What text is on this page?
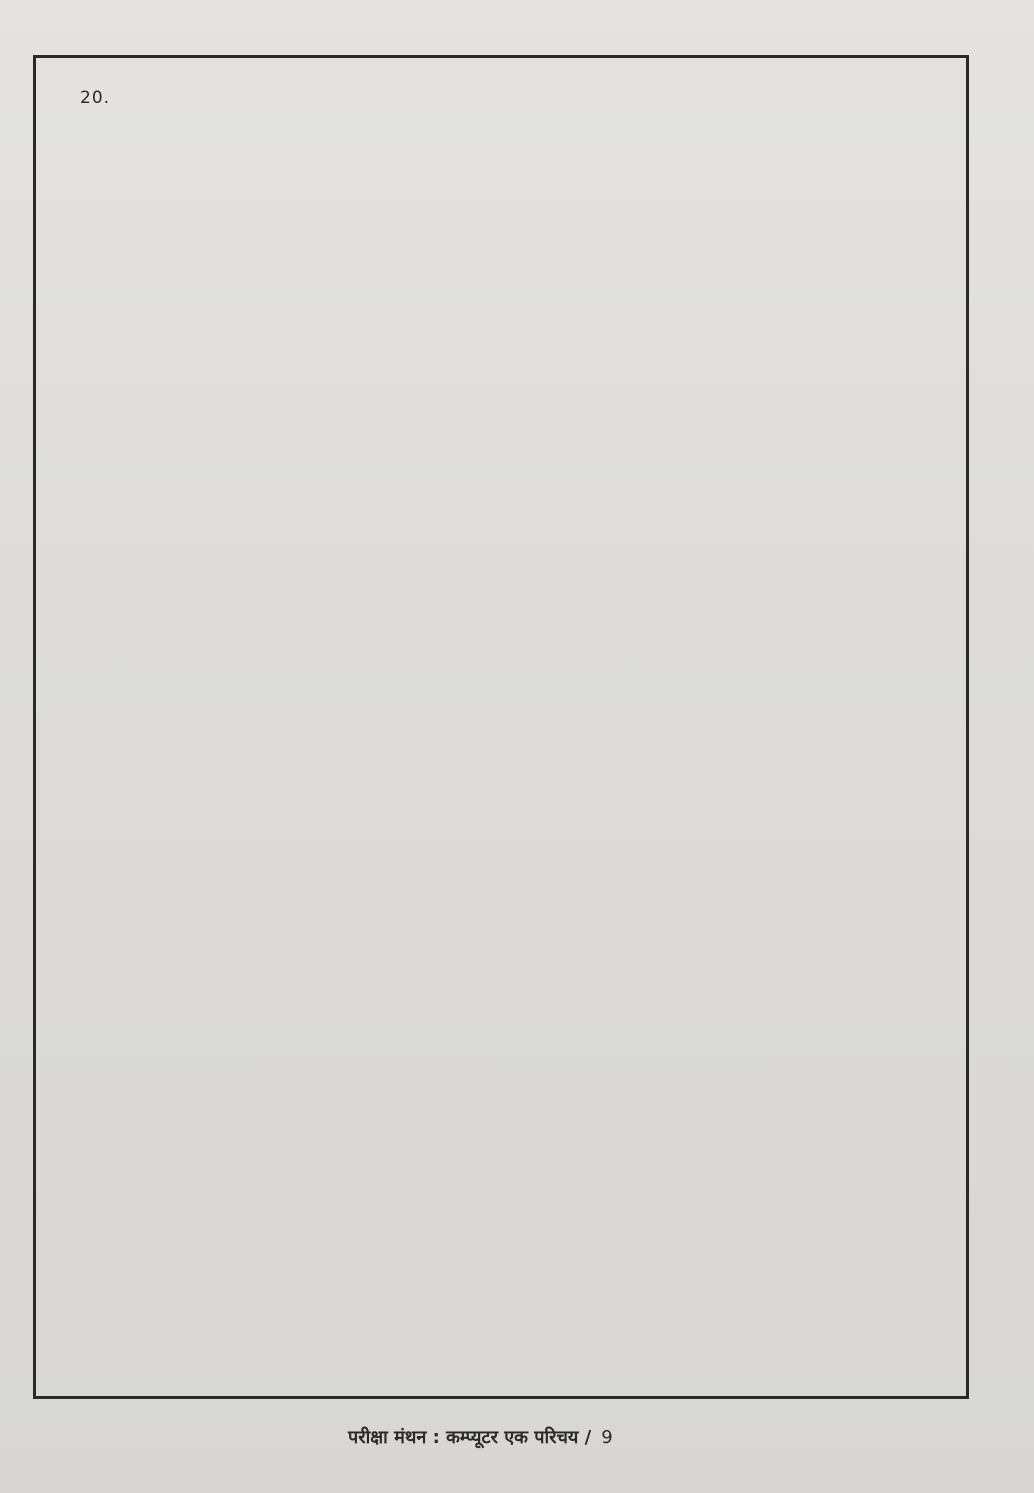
20.
परीक्षा मंथन : कम्प्यूटर एक परिचय / 9
